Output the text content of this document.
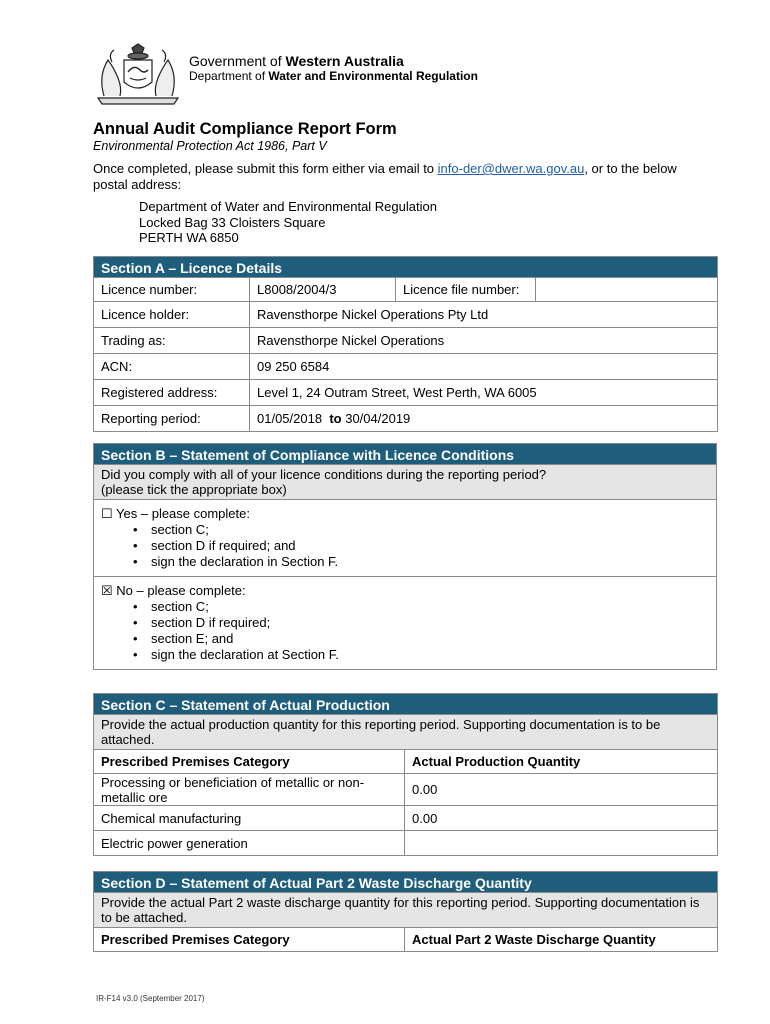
Government of Western Australia
Department of Water and Environmental Regulation
Annual Audit Compliance Report Form
Environmental Protection Act 1986, Part V
Once completed, please submit this form either via email to info-der@dwer.wa.gov.au, or to the below postal address:
Department of Water and Environmental Regulation
Locked Bag 33 Cloisters Square
PERTH WA 6850
Section A – Licence Details			
Licence number:	L8008/2004/3	Licence file number:	
Licence holder:	Ravensthorpe Nickel Operations Pty Ltd		
Trading as:	Ravensthorpe Nickel Operations		
ACN:	09 250 6584		
Registered address:	Level 1, 24 Outram Street, West Perth, WA 6005		
Reporting period:	01/05/2018 to 30/04/2019		
Section B – Statement of Compliance with Licence Conditions

Did you comply with all of your licence conditions during the reporting period?
(please tick the appropriate box)

☐ Yes – please complete:
• section C;
• section D if required; and
• sign the declaration in Section F.

☒ No – please complete:
• section C;
• section D if required;
• section E; and
• sign the declaration at Section F.
Section C – Statement of Actual Production	
Provide the actual production quantity for this reporting period. Supporting documentation is to be attached.	
Prescribed Premises Category	Actual Production Quantity
Processing or beneficiation of metallic or non-metallic ore	0.00
Chemical manufacturing	0.00
Electric power generation	
Section D – Statement of Actual Part 2 Waste Discharge Quantity
Provide the actual Part 2 waste discharge quantity for this reporting period. Supporting documentation is to be attached.
Prescribed Premises Category	Actual Part 2 Waste Discharge Quantity
IR-F14 v3.0 (September 2017)
